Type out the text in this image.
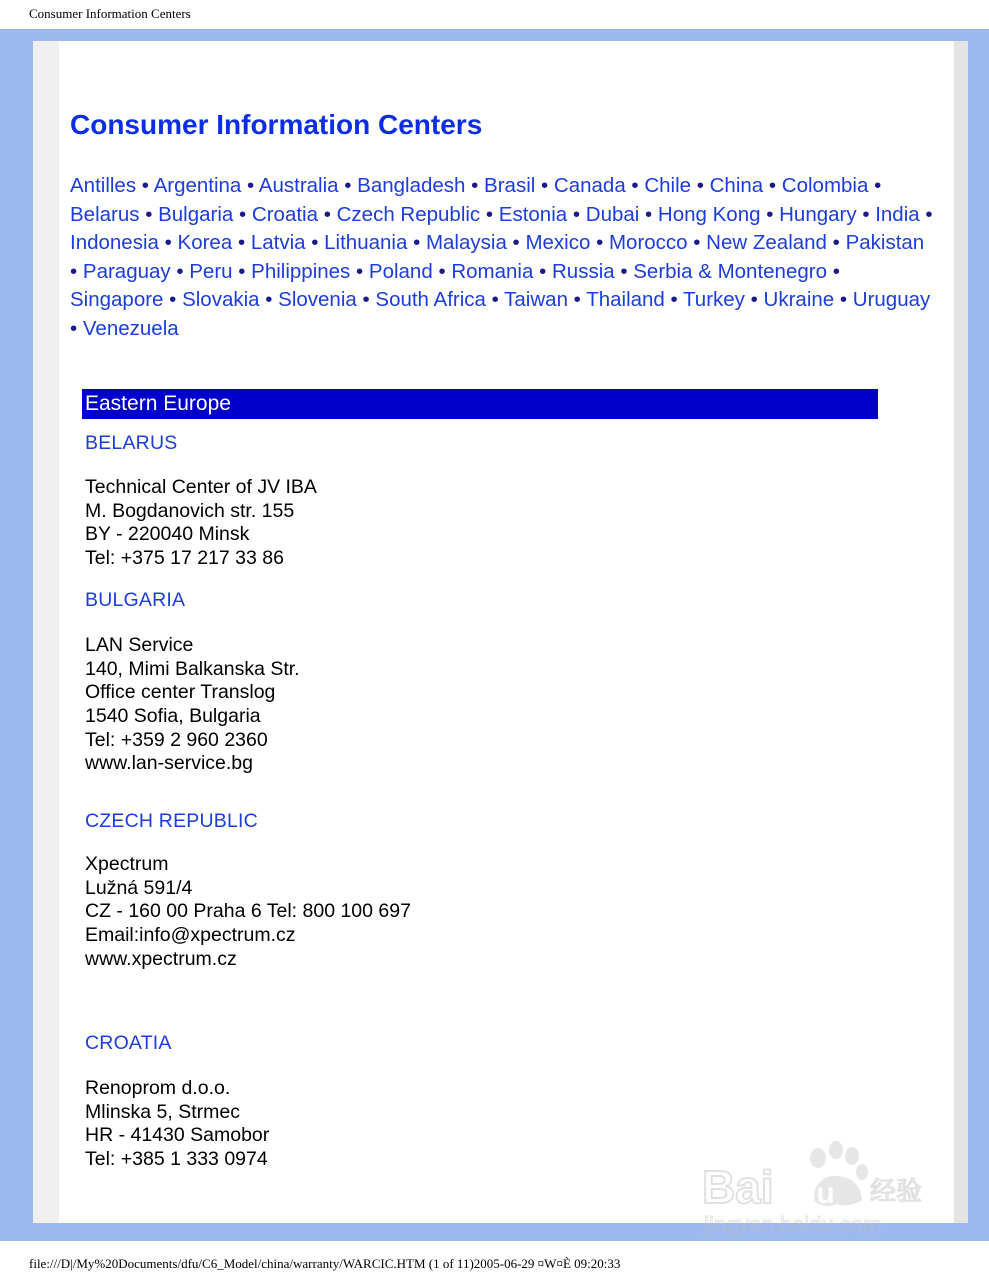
Consumer Information Centers
Consumer Information Centers
Antilles • Argentina • Australia • Bangladesh • Brasil • Canada • Chile • China • Colombia • Belarus • Bulgaria • Croatia • Czech Republic • Estonia • Dubai • Hong Kong • Hungary • India • Indonesia • Korea • Latvia • Lithuania • Malaysia • Mexico • Morocco • New Zealand • Pakistan • Paraguay • Peru • Philippines • Poland • Romania • Russia • Serbia & Montenegro • Singapore • Slovakia • Slovenia • South Africa • Taiwan • Thailand • Turkey • Ukraine • Uruguay • Venezuela
Eastern Europe
BELARUS
Technical Center of JV IBA
M. Bogdanovich str. 155
BY - 220040 Minsk
Tel: +375 17 217 33 86
BULGARIA
LAN Service
140, Mimi Balkanska Str.
Office center Translog
1540 Sofia, Bulgaria
Tel: +359 2 960 2360
www.lan-service.bg
CZECH REPUBLIC
Xpectrum
Lužná 591/4
CZ - 160 00 Praha 6 Tel: 800 100 697
Email:info@xpectrum.cz
www.xpectrum.cz
CROATIA
Renoprom d.o.o.
Mlinska 5, Strmec
HR - 41430 Samobor
Tel: +385 1 333 0974
Bai du 经验
jingyan.baidu.com
file:///D|/My%20Documents/dfu/C6_Model/china/warranty/WARCIC.HTM (1 of 11)2005-06-29 ¤W¤È 09:20:33
